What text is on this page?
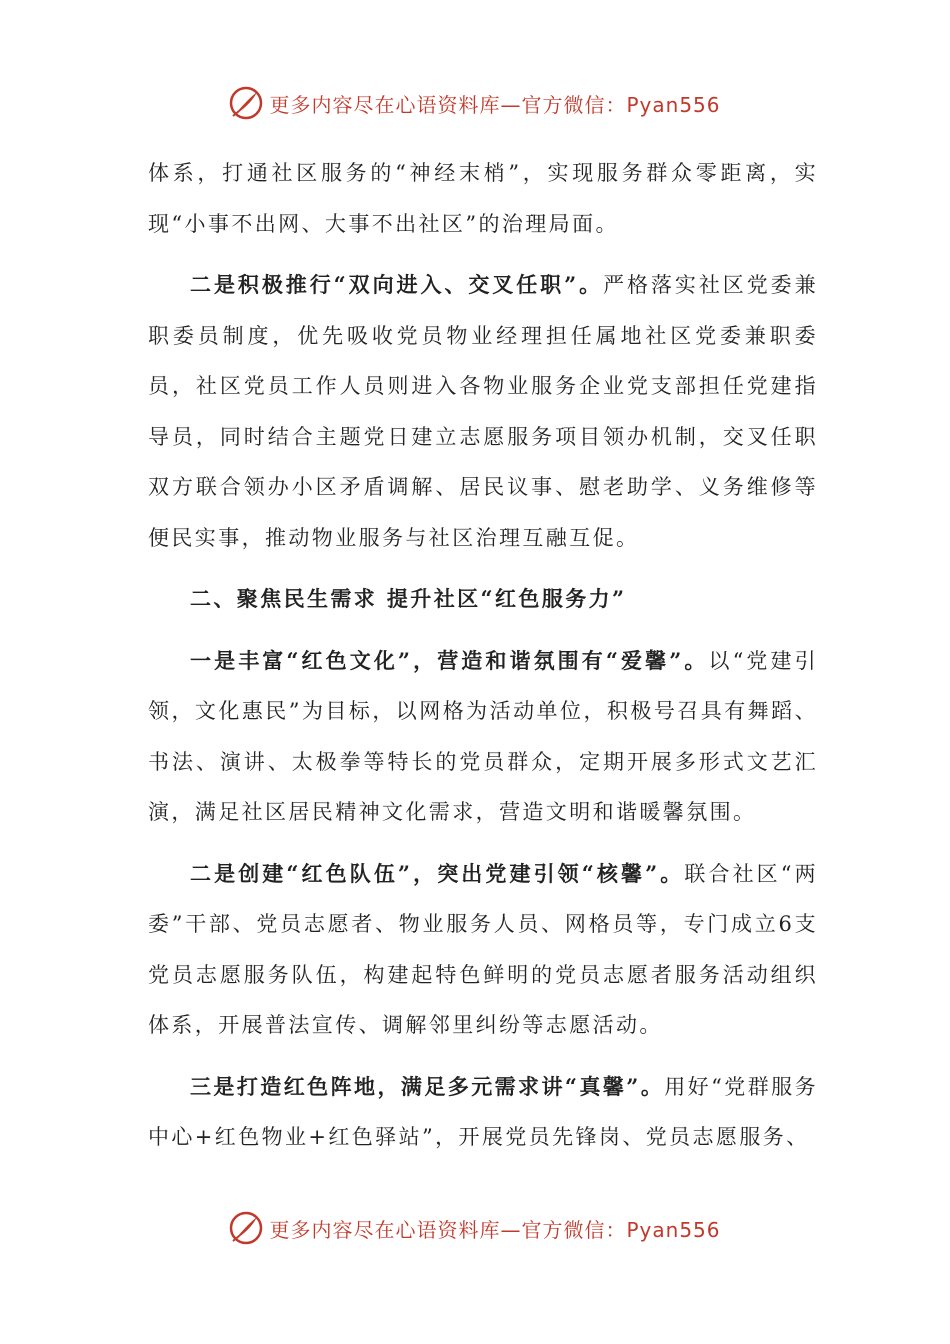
更多内容尽在心语资料库—官方微信：Pyan556

体系，打通社区服务的“神经末梢”，实现服务群众零距离，实现“小事不出网、大事不出社区”的治理局面。

二是积极推行“双向进入、交叉任职”。严格落实社区党委兼职委员制度，优先吸收党员物业经理担任属地社区党委兼职委员，社区党员工作人员则进入各物业服务企业党支部担任党建指导员，同时结合主题党日建立志愿服务项目领办机制，交叉任职双方联合领办小区矛盾调解、居民议事、慰老助学、义务维修等便民实事，推动物业服务与社区治理互融互促。

二、聚焦民生需求 提升社区“红色服务力”

一是丰富“红色文化”，营造和谐氛围有“爱馨”。以“党建引领，文化惠民”为目标，以网格为活动单位，积极号召具有舞蹈、书法、演讲、太极拳等特长的党员群众，定期开展多形式文艺汇演，满足社区居民精神文化需求，营造文明和谐暖馨氛围。

二是创建“红色队伍”，突出党建引领“核馨”。联合社区“两委”干部、党员志愿者、物业服务人员、网格员等，专门成立6支党员志愿服务队伍，构建起特色鲜明的党员志愿者服务活动组织体系，开展普法宣传、调解邻里纠纷等志愿活动。

三是打造红色阵地，满足多元需求讲“真馨”。用好“党群服务中心+红色物业+红色驿站”，开展党员先锋岗、党员志愿服务、

更多内容尽在心语资料库—官方微信：Pyan556
